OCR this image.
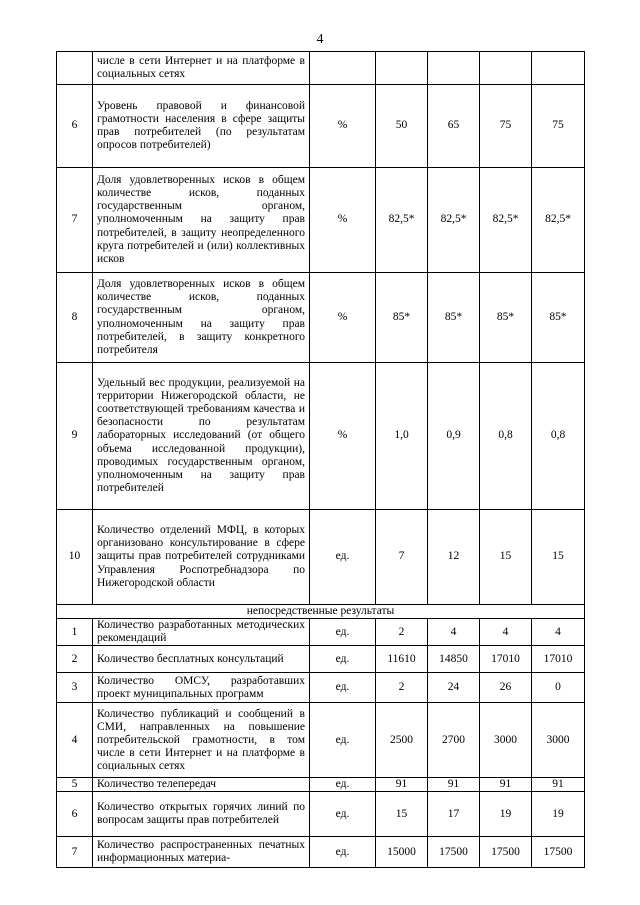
4
	числе в сети Интернет и на платформе в социальных сетях					
6	Уровень правовой и финансовой грамотности населения в сфере защиты прав потребителей (по результатам опросов потребителей)	%	50	65	75	75
7	Доля удовлетворенных исков в общем количестве исков, поданных государственным органом, уполномоченным на защиту прав потребителей, в защиту неопределенного круга потребителей и (или) коллективных исков	%	82,5*	82,5*	82,5*	82,5*
8	Доля удовлетворенных исков в общем количестве исков, поданных государственным органом, уполномоченным на защиту прав потребителей, в защиту конкретного потребителя	%	85*	85*	85*	85*
9	Удельный вес продукции, реализуемой на территории Нижегородской области, не соответствующей требованиям качества и безопасности по результатам лабораторных исследований (от общего объема исследованной продукции), проводимых государственным органом, уполномоченным на защиту прав потребителей	%	1,0	0,9	0,8	0,8
10	Количество отделений МФЦ, в которых организовано консультирование в сфере защиты прав потребителей сотрудниками Управления Роспотребнадзора по Нижегородской области	ед.	7	12	15	15
непосредственные результаты						
1	Количество разработанных методических рекомендаций	ед.	2	4	4	4
2	Количество бесплатных консультаций	ед.	11610	14850	17010	17010
3	Количество ОМСУ, разработавших проект муниципальных программ	ед.	2	24	26	0
4	Количество публикаций и сообщений в СМИ, направленных на повышение потребительской грамотности, в том числе в сети Интернет и на платформе в социальных сетях	ед.	2500	2700	3000	3000
5	Количество телепередач	ед.	91	91	91	91
6	Количество открытых горячих линий по вопросам защиты прав потребителей	ед.	15	17	19	19
7	Количество распространенных печатных информационных материа-	ед.	15000	17500	17500	17500
